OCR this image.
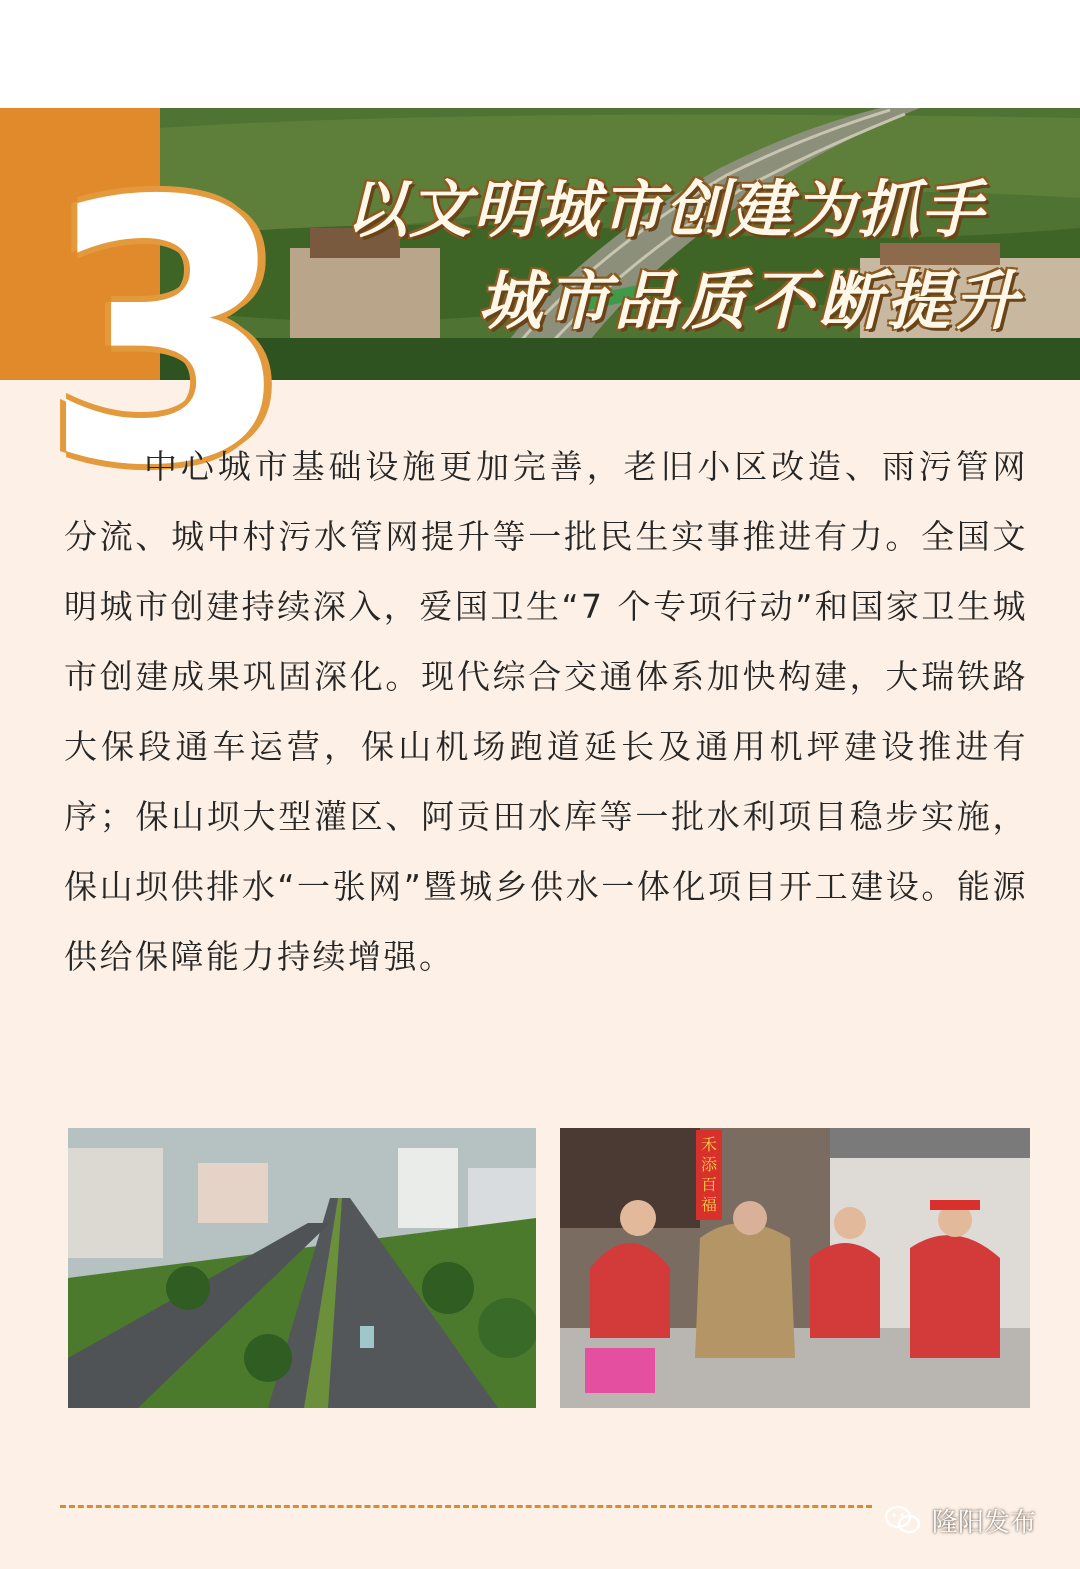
3	以文明城市创建为抓手
城市品质不断提升
中心城市基础设施更加完善，老旧小区改造、雨污管网分流、城中村污水管网提升等一批民生实事推进有力。全国文明城市创建持续深入，爱国卫生“7 个专项行动”和国家卫生城市创建成果巩固深化。现代综合交通体系加快构建，大瑞铁路大保段通车运营，保山机场跑道延长及通用机坪建设推进有序；保山坝大型灌区、阿贡田水库等一批水利项目稳步实施，保山坝供排水“一张网”暨城乡供水一体化项目开工建设。能源供给保障能力持续增强。
禾
添
百
福
隆阳发布
